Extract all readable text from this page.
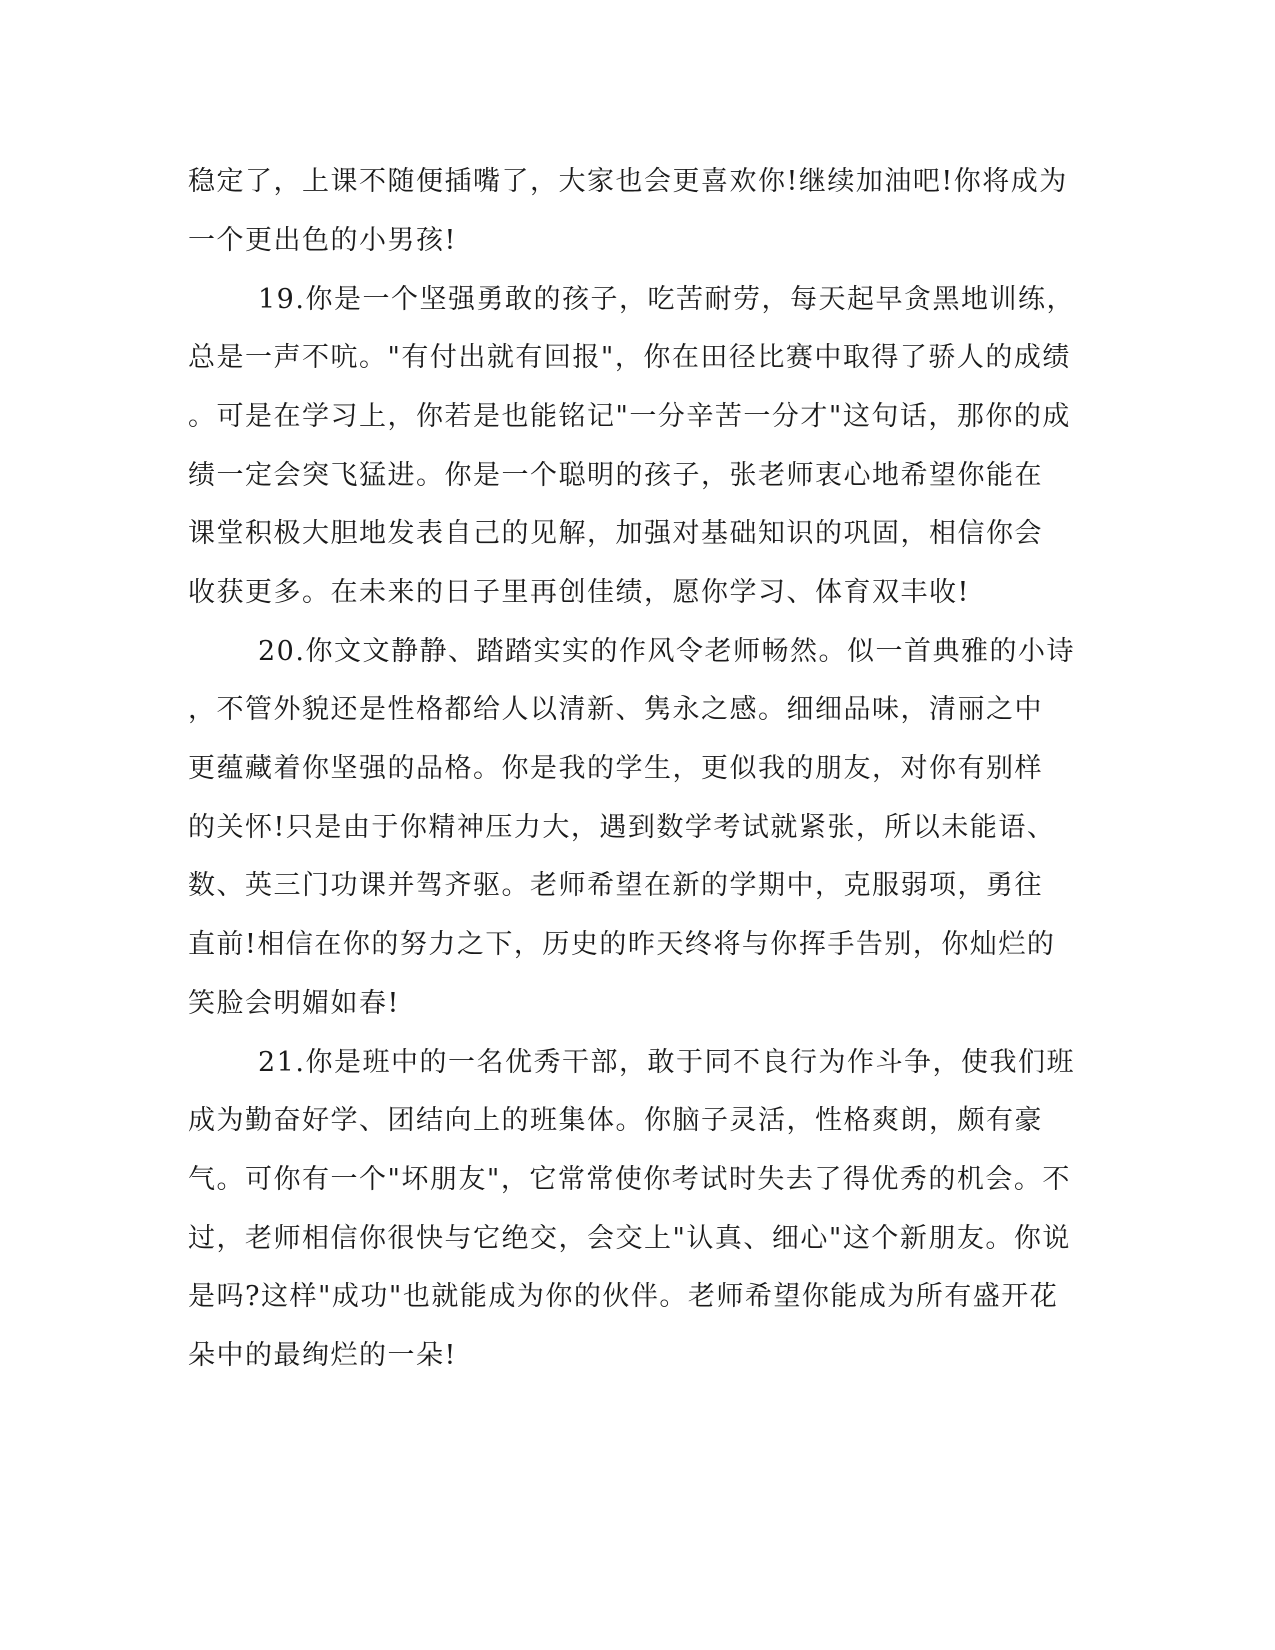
稳定了，上课不随便插嘴了，大家也会更喜欢你!继续加油吧!你将成为
一个更出色的小男孩!
19.你是一个坚强勇敢的孩子，吃苦耐劳，每天起早贪黑地训练，
总是一声不吭。"有付出就有回报"，你在田径比赛中取得了骄人的成绩
。可是在学习上，你若是也能铭记"一分辛苦一分才"这句话，那你的成
绩一定会突飞猛进。你是一个聪明的孩子，张老师衷心地希望你能在
课堂积极大胆地发表自己的见解，加强对基础知识的巩固，相信你会
收获更多。在未来的日子里再创佳绩，愿你学习、体育双丰收!
20.你文文静静、踏踏实实的作风令老师畅然。似一首典雅的小诗
，不管外貌还是性格都给人以清新、隽永之感。细细品味，清丽之中
更蕴藏着你坚强的品格。你是我的学生，更似我的朋友，对你有别样
的关怀!只是由于你精神压力大，遇到数学考试就紧张，所以未能语、
数、英三门功课并驾齐驱。老师希望在新的学期中，克服弱项，勇往
直前!相信在你的努力之下，历史的昨天终将与你挥手告别，你灿烂的
笑脸会明媚如春!
21.你是班中的一名优秀干部，敢于同不良行为作斗争，使我们班
成为勤奋好学、团结向上的班集体。你脑子灵活，性格爽朗，颇有豪
气。可你有一个"坏朋友"，它常常使你考试时失去了得优秀的机会。不
过，老师相信你很快与它绝交，会交上"认真、细心"这个新朋友。你说
是吗?这样"成功"也就能成为你的伙伴。老师希望你能成为所有盛开花
朵中的最绚烂的一朵!
